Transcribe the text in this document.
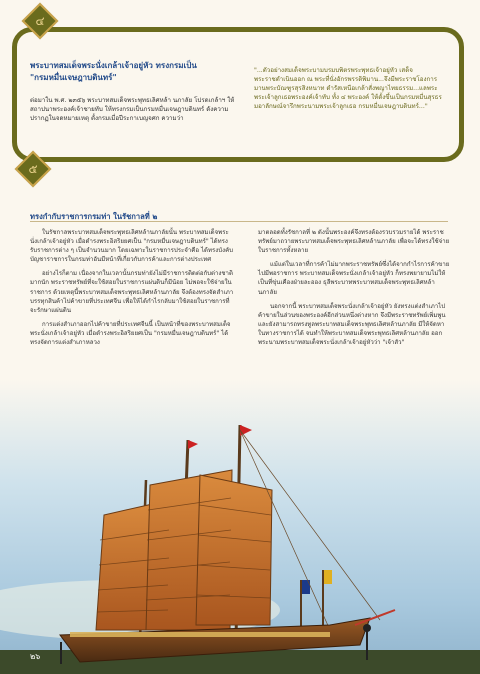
๔
๕
พระบาทสมเด็จพระนั่งเกล้าเจ้าอยู่หัว ทรงกรมเป็น
"กรมหมื่นเจษฎาบดินทร์"
ต่อมาใน พ.ศ. ๒๓๕๖ พระบาทสมเด็จพระพุทธเลิศหล้า นภาลัย โปรดเกล้าฯ ให้สถาปนาพระองค์เจ้าชายทับ ให้ทรงกรมเป็นกรมหมื่นเจษฎาบดินทร์ ดังความปรากฏในจดหมายเหตุ ตั้งกรมเมื่อปีระกาเบญจศก ความว่า
"...ตัวอย่างสมเด็จพระบามบรมบพิตรพระพุทธเจ้าอยู่หัว เสด็จพระราชดำเนินออก ณ พระที่นั่งอักรพรรดิพิมาน...จึงมีพระราชโองการมานพระบัณฑูรสุรสิงหนาท ดำรัสเหนือเกล้าสั่งพญาไทยธรรม...แลพระพระเจ้าลูกเธอพระองค์เจ้าทับ ทั้ง ๔ พระองค์ ให้ตั้งขึ้นเป็นกรมหมื่นสุรธรมอาลักษณ์จารึกพระนามพระเจ้าลูกเธอ กรมหมื่นเจษฎาบดินทร์..."
ทรงกำกับราชการกรมท่า ในรัชกาลที่ ๒

ในรัชกาลพระบาทสมเด็จพระพุทธเลิศหล้านภาลัยนั้น พระบาทสมเด็จพระนั่งเกล้าเจ้าอยู่หัว เมื่อดำรงพระอิสริยยศเป็น "กรมหมื่นเจษฎาบดินทร์" ได้ทรงรับราชการต่าง ๆ เป็นจำนวนมาก โดยเฉพาะในราชการประจำคือ ได้ทรงบังคับบัญชาราชการในกรมท่าอันมีหน้าที่เกี่ยวกับการค้าและการต่างประเทศ

อย่างไรก็ตาม เนื่องจากในเวลานั้นกรมท่ายังไม่มีราชการติดต่อกับต่างชาติมากนัก พระราชทรัพย์ที่จะใช้สอยในราชการแผ่นดินก็มีน้อย ไม่พอจะใช้จ่ายในราชการ ด้วยเหตุนี้พระบาทสมเด็จพระพุทธเลิศหล้านภาลัย จึงต้องทรงจัดสำเภาบรรทุกสินค้าไปค้าขายที่ประเทศจีน เพื่อให้ได้กำไรกลับมาใช้สอยในราชการที่จะรักษาแผ่นดิน

การแต่งสำเภาออกไปค้าขายที่ประเทศจีนนี้ เป็นหน้าที่ของพระบาทสมเด็จพระนั่งเกล้าเจ้าอยู่หัว เมื่อดำรงพระอิสริยยศเป็น "กรมหมื่นเจษฎาบดินทร์" ได้ทรงจัดการแต่งสำเภาหลวง

มาตลอดทั้งรัชกาลที่ ๒ ดังนั้นพระองค์จึงทรงต้องรวบรวมรายได้ พระราชทรัพย์มาถวายพระบาทสมเด็จพระพุทธเลิศหล้านภาลัย เพื่อจะได้ทรงใช้จ่ายในราชการทั้งหลาย

แม้แต่ในเวลาที่การค้าไม่มากพระราชทรัพย์ซึ่งได้จากกำไรการค้าขายไปมีพอราชการ พระบาทสมเด็จพระนั่งเกล้าเจ้าอยู่หัว ก็ทรงพยายามไม่ให้เป็นที่ขุ่นเคืองฝ่ายละออง ธุลีพระบาทพระบาทสมเด็จพระพุทธเลิศหล้านภาลัย

นอกจากนี้ พระบาทสมเด็จพระนั่งเกล้าเจ้าอยู่หัว ยังทรงแต่งสำเภาไปค้าขายในส่วนของพระองค์อีกส่วนหนึ่งต่างหาก จึงมีพระราชทรัพย์เพิ่มพูนและยังสามารถทรงทูลพระบาทสมเด็จพระพุทธเลิศหล้านภาลัย มีให้จัดหาในทางราชการได้ จนทำให้พระบาทสมเด็จพระพุทธเลิศหล้านภาลัย ออกพระนามพระบาทสมเด็จพระนั่งเกล้าเจ้าอยู่หัวว่า "เจ้าสัว"

๒๖
